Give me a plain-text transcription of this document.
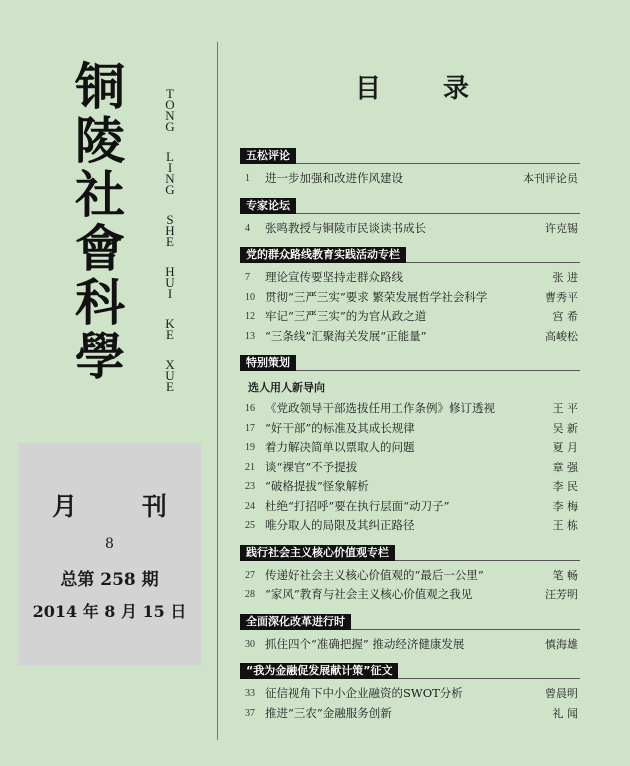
铜
陵
社
會
科
學
T
O
N
G
L
I
N
G
S
H
E
H
U
I
K
E
X
U
E
月 刊
8
总第 258 期
2014 年 8 月 15 日
目录
五松评论
1	进一步加强和改进作风建设	本刊评论员
专家论坛
4	张鸣教授与铜陵市民谈读书成长	许克锡
党的群众路线教育实践活动专栏
7	理论宣传要坚持走群众路线	张 进
10 贯彻“三严三实”要求 繁荣发展哲学社会科学	曹秀平
12 牢记“三严三实”的为官从政之道	宫 希
13 “三条线”汇聚海关发展“正能量”	高峻松
特别策划
选人用人新导向
16 《党政领导干部选拔任用工作条例》修订透视	王 平
17 “好干部”的标准及其成长规律	吴 新
19 着力解决简单以票取人的问题	夏 月
21 谈“裸官”不予提拔	章 强
23 “破格提拔”怪象解析	李 民
24 杜绝“打招呼”要在执行层面“动刀子”	李 梅
25 唯分取人的局限及其纠正路径	王 栋
践行社会主义核心价值观专栏
27 传递好社会主义核心价值观的“最后一公里”	笔 畅
28 “家风”教育与社会主义核心价值观之我见	汪芳明
全面深化改革进行时
30 抓住四个“准确把握” 推动经济健康发展	慎海雄
“我为金融促发展献计策”征文
33 征信视角下中小企业融资的SWOT分析	曾晨明
37 推进“三农”金融服务创新	礼 闻
